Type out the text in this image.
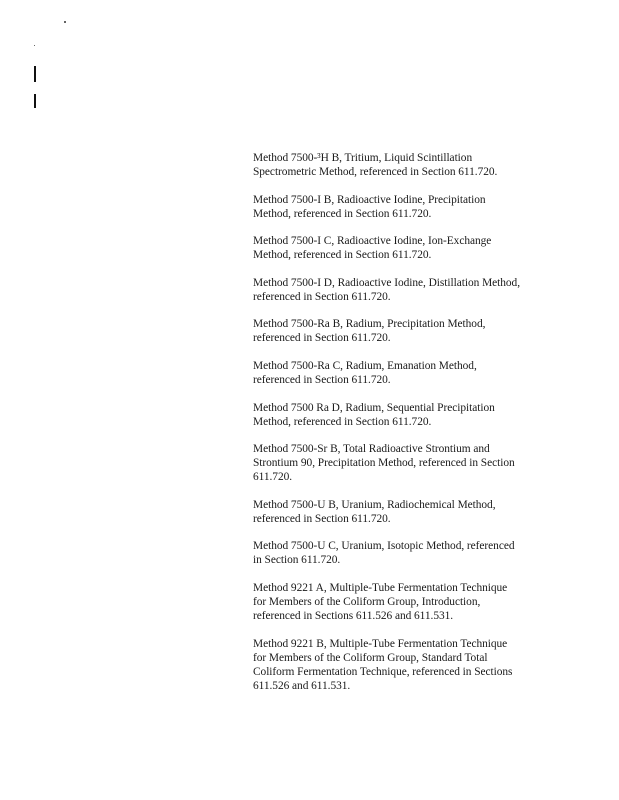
Method 7500-³H B, Tritium, Liquid Scintillation
Spectrometric Method, referenced in Section 611.720.
Method 7500-I B, Radioactive Iodine, Precipitation
Method, referenced in Section 611.720.
Method 7500-I C, Radioactive Iodine, Ion-Exchange
Method, referenced in Section 611.720.
Method 7500-I D, Radioactive Iodine, Distillation Method,
referenced in Section 611.720.
Method 7500-Ra B, Radium, Precipitation Method,
referenced in Section 611.720.
Method 7500-Ra C, Radium, Emanation Method,
referenced in Section 611.720.
Method 7500 Ra D, Radium, Sequential Precipitation
Method, referenced in Section 611.720.
Method 7500-Sr B, Total Radioactive Strontium and
Strontium 90, Precipitation Method, referenced in Section
611.720.
Method 7500-U B, Uranium, Radiochemical Method,
referenced in Section 611.720.
Method 7500-U C, Uranium, Isotopic Method, referenced
in Section 611.720.
Method 9221 A, Multiple-Tube Fermentation Technique
for Members of the Coliform Group, Introduction,
referenced in Sections 611.526 and 611.531.
Method 9221 B, Multiple-Tube Fermentation Technique
for Members of the Coliform Group, Standard Total
Coliform Fermentation Technique, referenced in Sections
611.526 and 611.531.
